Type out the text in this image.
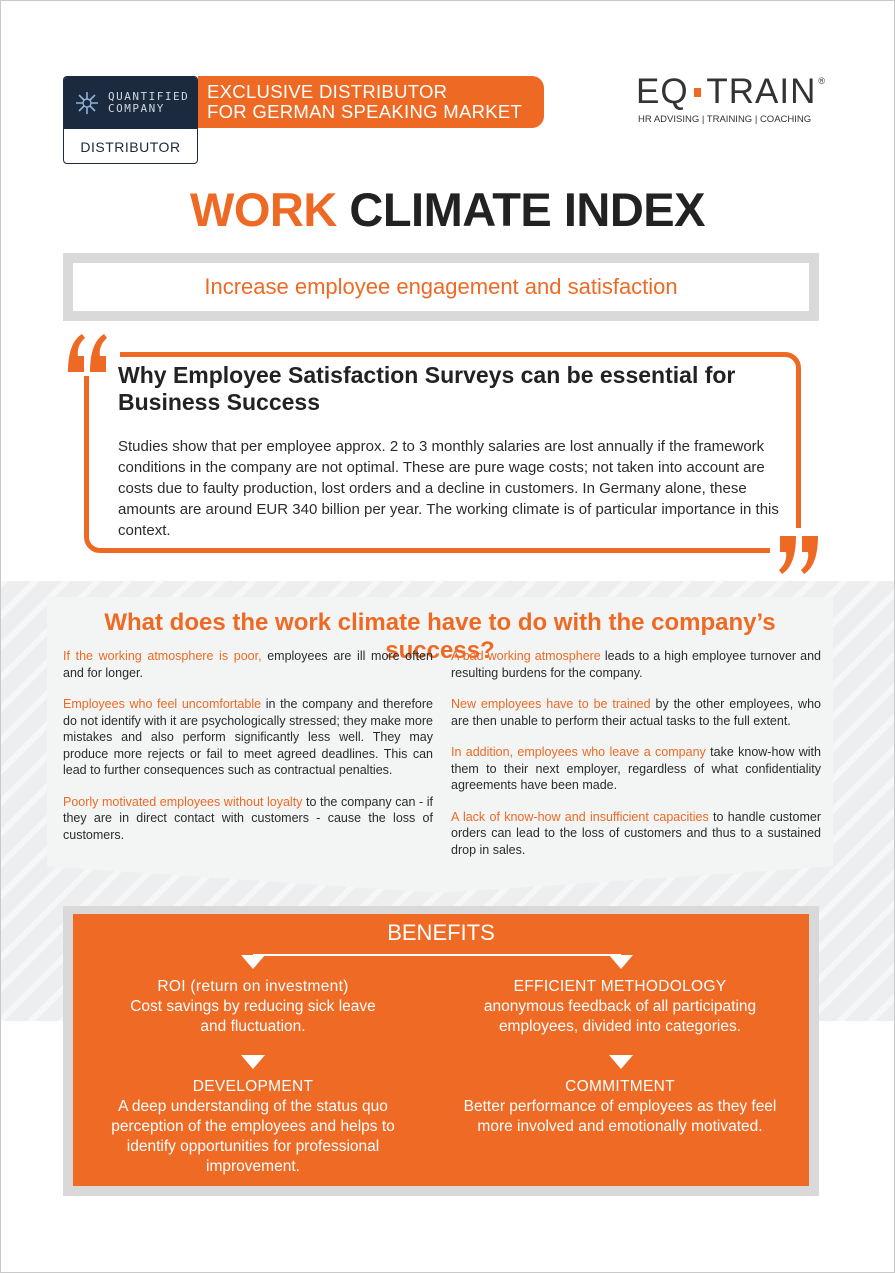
QUANTIFIED
COMPANY
DISTRIBUTOR
EXCLUSIVE DISTRIBUTOR
FOR GERMAN SPEAKING MARKET
EQ TRAIN ®
HR ADVISING | TRAINING | COACHING
WORK CLIMATE INDEX
Increase employee engagement and satisfaction
Why Employee Satisfaction Surveys can be essential for Business Success

Studies show that per employee approx. 2 to 3 monthly salaries are lost annually if the framework conditions in the company are not optimal. These are pure wage costs; not taken into account are costs due to faulty production, lost orders and a decline in customers. In Germany alone, these amounts are around EUR 340 billion per year. The working climate is of particular importance in this context.

What does the work climate have to do with the company’s success?

If the working atmosphere is poor, employees are ill more often and for longer.

Employees who feel uncomfortable in the company and therefore do not identify with it are psychologically stressed; they make more mistakes and also perform significantly less well. They may produce more rejects or fail to meet agreed deadlines. This can lead to further consequences such as contractual penalties.

Poorly motivated employees without loyalty to the company can - if they are in direct contact with customers - cause the loss of customers.

A bad working atmosphere leads to a high employee turnover and resulting burdens for the company.

New employees have to be trained by the other employees, who are then unable to perform their actual tasks to the full extent.

In addition, employees who leave a company take know-how with them to their next employer, regardless of what confidentiality agreements have been made.

A lack of know-how and insufficient capacities to handle customer orders can lead to the loss of customers and thus to a sustained drop in sales.

BENEFITS
ROI (return on investment)
Cost savings by reducing sick leave
and fluctuation.
EFFICIENT METHODOLOGY
anonymous feedback of all participating
employees, divided into categories.
DEVELOPMENT
A deep understanding of the status quo
perception of the employees and helps to
identify opportunities for professional
improvement.
COMMITMENT
Better performance of employees as they feel
more involved and emotionally motivated.
